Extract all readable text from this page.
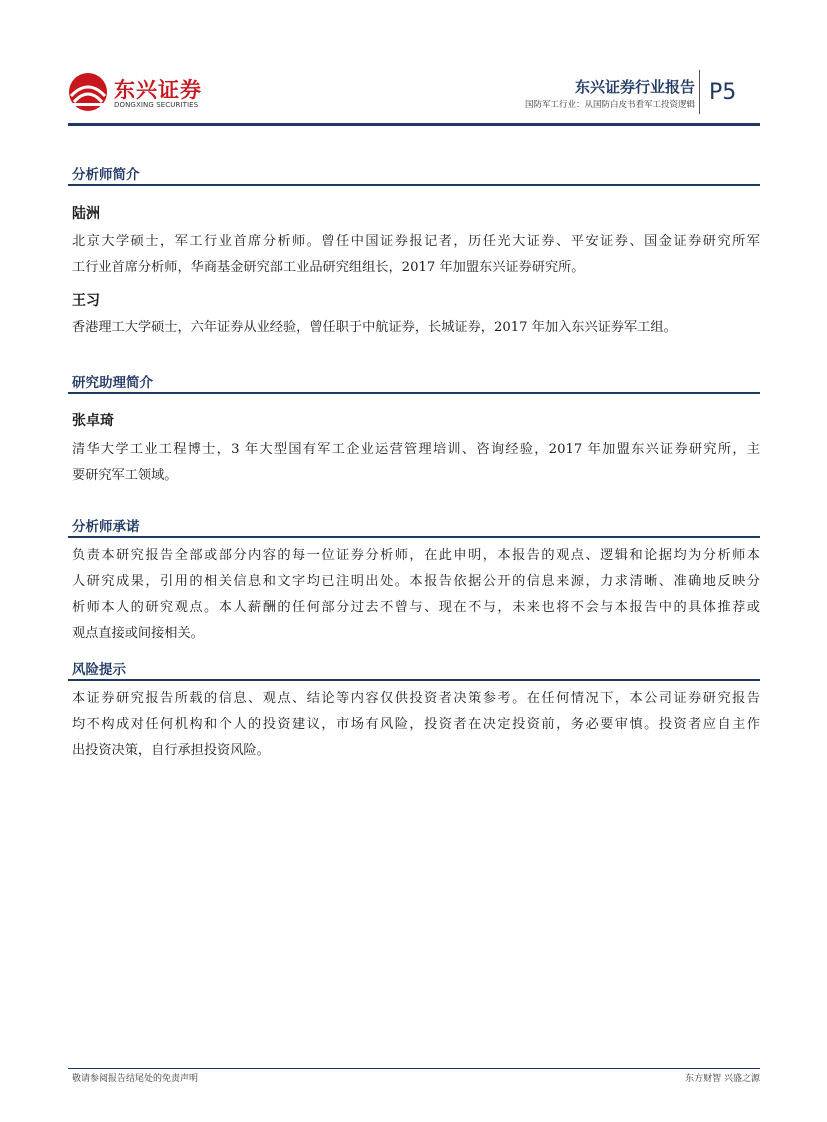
东兴证券
DONGXING SECURITIES
东兴证券行业报告
国防军工行业：从国防白皮书看军工投资逻辑 P5
分析师简介
陆洲
北京大学硕士，军工行业首席分析师。曾任中国证券报记者，历任光大证券、平安证券、国金证券研究所军
工行业首席分析师，华商基金研究部工业品研究组组长，2017 年加盟东兴证券研究所。
王习
香港理工大学硕士，六年证券从业经验，曾任职于中航证券，长城证券，2017 年加入东兴证券军工组。
研究助理简介
张卓琦
清华大学工业工程博士，3 年大型国有军工企业运营管理培训、咨询经验，2017 年加盟东兴证券研究所，主
要研究军工领域。
分析师承诺
负责本研究报告全部或部分内容的每一位证券分析师，在此申明，本报告的观点、逻辑和论据均为分析师本
人研究成果，引用的相关信息和文字均已注明出处。本报告依据公开的信息来源，力求清晰、准确地反映分
析师本人的研究观点。本人薪酬的任何部分过去不曾与、现在不与，未来也将不会与本报告中的具体推荐或
观点直接或间接相关。
风险提示
本证券研究报告所载的信息、观点、结论等内容仅供投资者决策参考。在任何情况下，本公司证券研究报告
均不构成对任何机构和个人的投资建议，市场有风险，投资者在决定投资前，务必要审慎。投资者应自主作
出投资决策，自行承担投资风险。
敬请参阅报告结尾处的免责声明	东方财智 兴盛之源
